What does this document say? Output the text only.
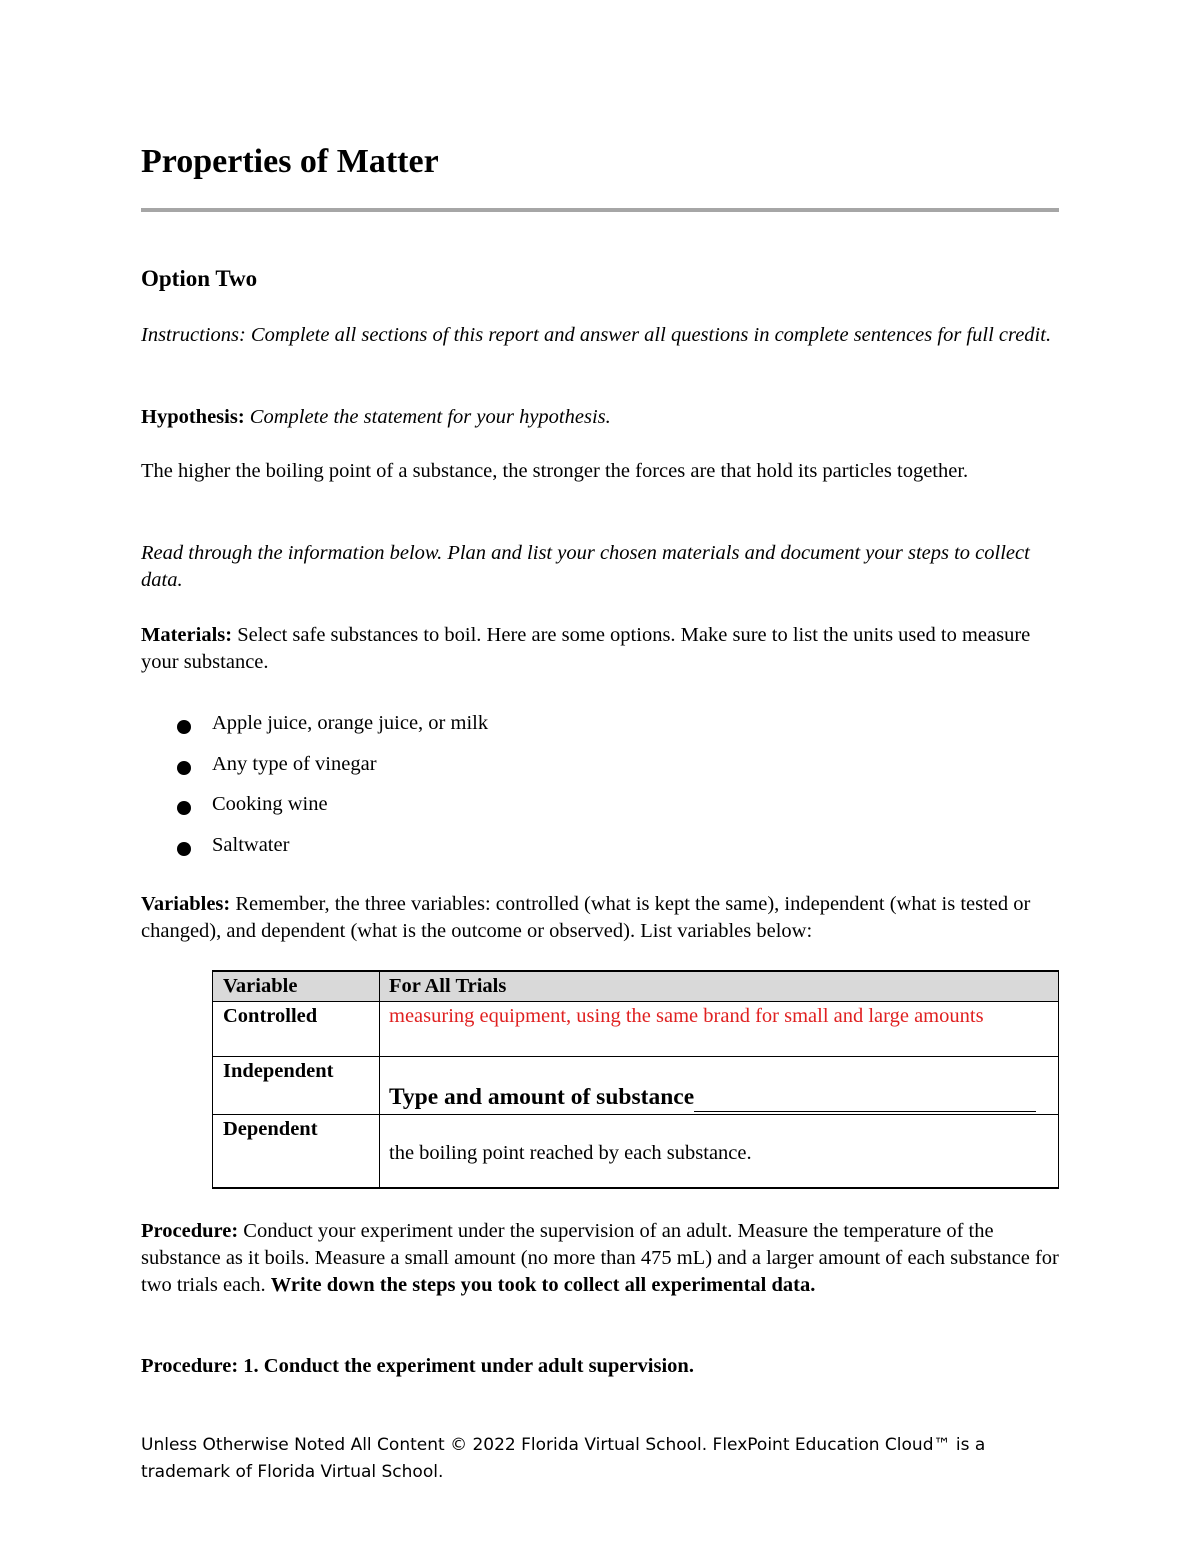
Properties of Matter
Option Two

Instructions: Complete all sections of this report and answer all questions in complete sentences for full credit.

Hypothesis: Complete the statement for your hypothesis.

The higher the boiling point of a substance, the stronger the forces are that hold its particles together.

Read through the information below. Plan and list your chosen materials and document your steps to collect data.

Materials: Select safe substances to boil. Here are some options. Make sure to list the units used to measure your substance.

Apple juice, orange juice, or milk
Any type of vinegar
Cooking wine
Saltwater

Variables: Remember, the three variables: controlled (what is kept the same), independent (what is tested or changed), and dependent (what is the outcome or observed). List variables below:

Variable	For All Trials
Controlled	measuring equipment, using the same brand for small and large amounts
Independent
Type and amount of substance
Dependent
the boiling point reached by each substance.

Procedure: Conduct your experiment under the supervision of an adult. Measure the temperature of the substance as it boils. Measure a small amount (no more than 475 mL) and a larger amount of each substance for two trials each. Write down the steps you took to collect all experimental data.

Procedure: 1. Conduct the experiment under adult supervision.

Unless Otherwise Noted All Content © 2022 Florida Virtual School. FlexPoint Education Cloud™ is a trademark of Florida Virtual School.
